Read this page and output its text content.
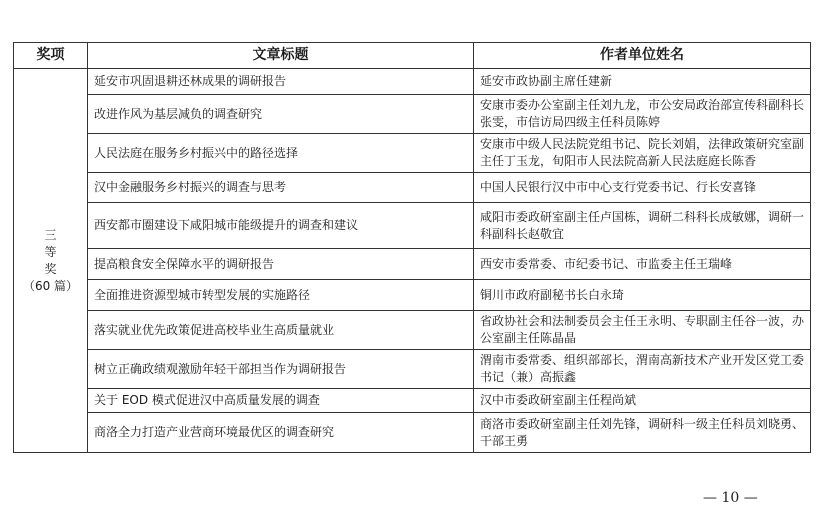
奖项	文章标题	作者单位姓名

三
等
奖
（60 篇）	延安市巩固退耕还林成果的调研报告	延安市政协副主席任建新
	改进作风为基层减负的调查研究	安康市委办公室副主任刘九龙，市公安局政治部宣传科副科长张雯，市信访局四级主任科员陈婷
	人民法庭在服务乡村振兴中的路径选择	安康市中级人民法院党组书记、院长刘娟，法律政策研究室副主任丁玉龙，旬阳市人民法院高新人民法庭庭长陈香
	汉中金融服务乡村振兴的调查与思考	中国人民银行汉中市中心支行党委书记、行长安喜锋
	西安都市圈建设下咸阳城市能级提升的调查和建议	咸阳市委政研室副主任卢国栋，调研二科科长成敏娜，调研一科副科长赵敬宜
	提高粮食安全保障水平的调研报告	西安市委常委、市纪委书记、市监委主任王瑞峰
	全面推进资源型城市转型发展的实施路径	铜川市政府副秘书长白永琦
	落实就业优先政策促进高校毕业生高质量就业	省政协社会和法制委员会主任王永明、专职副主任谷一波，办公室副主任陈晶晶
	树立正确政绩观激励年轻干部担当作为调研报告	渭南市委常委、组织部部长，渭南高新技术产业开发区党工委书记（兼）高振鑫
	关于 EOD 模式促进汉中高质量发展的调查	汉中市委政研室副主任程尚斌
	商洛全力打造产业营商环境最优区的调查研究	商洛市委政研室副主任刘先锋，调研科一级主任科员刘晓勇、干部王勇
— 10 —
